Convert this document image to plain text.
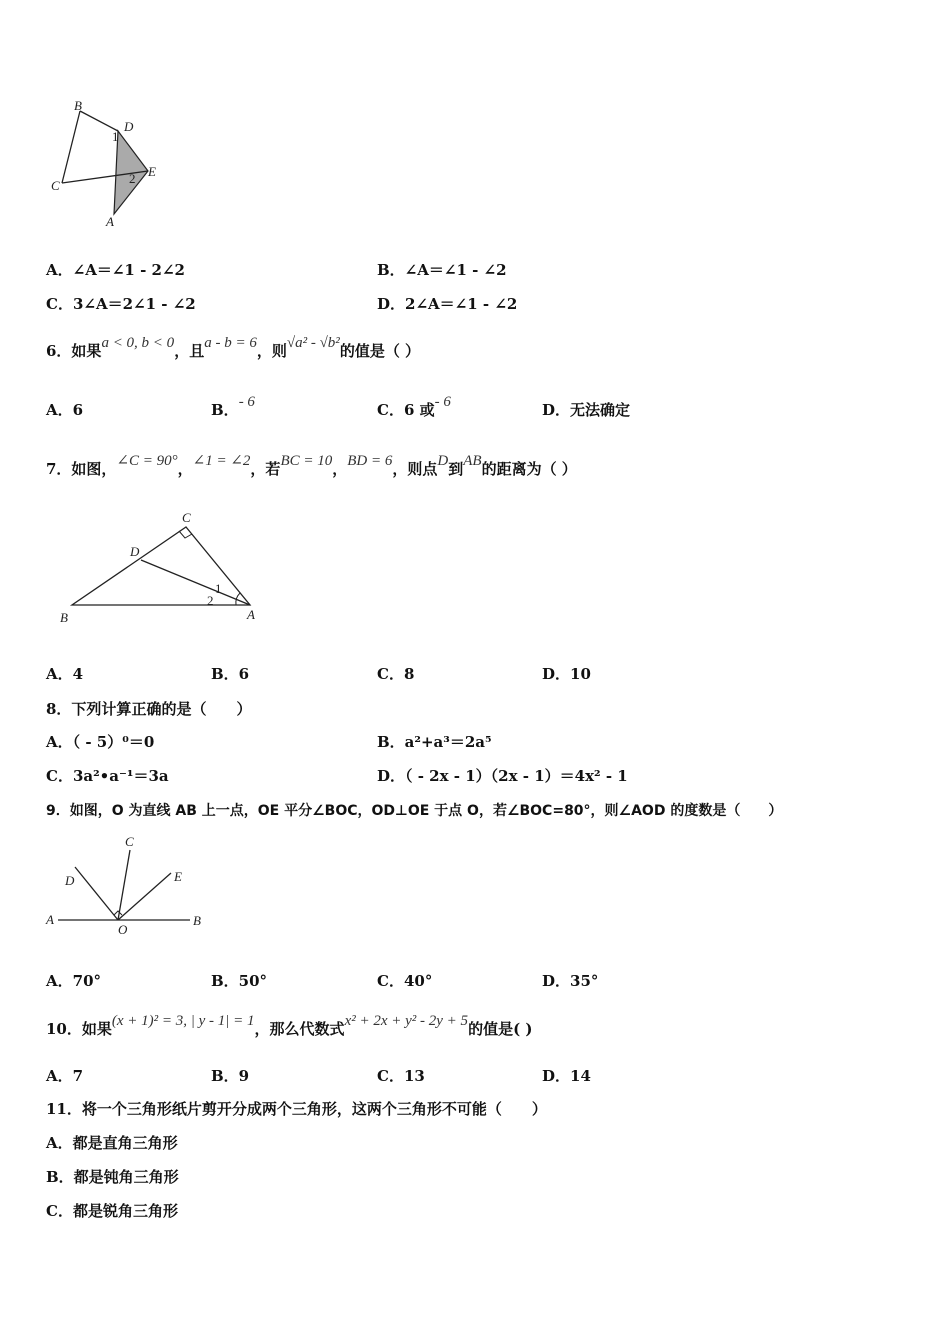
B
D
C
E
A
1
2
A．∠A＝∠1 - 2∠2	B．∠A＝∠1 - ∠2
C．3∠A＝2∠1 - ∠2	D．2∠A＝∠1 - ∠2
6．如果a < 0, b < 0，且a - b = 6，则√a² - √b²的值是（ ）
A．6	B．- 6	C．6 或- 6	D．无法确定
7．如图，∠C = 90°，∠1 = ∠2，若BC = 10，BD = 6，则点D到AB的距离为（ ）
C
D
B	A
1
2
A．4	B．6	C．8	D．10
8．下列计算正确的是（　　）
A．（ - 5）⁰＝0	B．a²+a³＝2a⁵
C．3a²•a⁻¹＝3a	D．（ - 2x - 1）（2x - 1）＝4x² - 1
9．如图，O 为直线 AB 上一点，OE 平分∠BOC，OD⊥OE 于点 O，若∠BOC=80°，则∠AOD 的度数是（　　）
C
D	E
A
O
B
A．70°	B．50°	C．40°	D．35°
10．如果(x + 1)² = 3, | y - 1| = 1，那么代数式x² + 2x + y² - 2y + 5的值是( )
A．7	B．9	C．13	D．14
11．将一个三角形纸片剪开分成两个三角形，这两个三角形不可能（　　）
A．都是直角三角形
B．都是钝角三角形
C．都是锐角三角形
